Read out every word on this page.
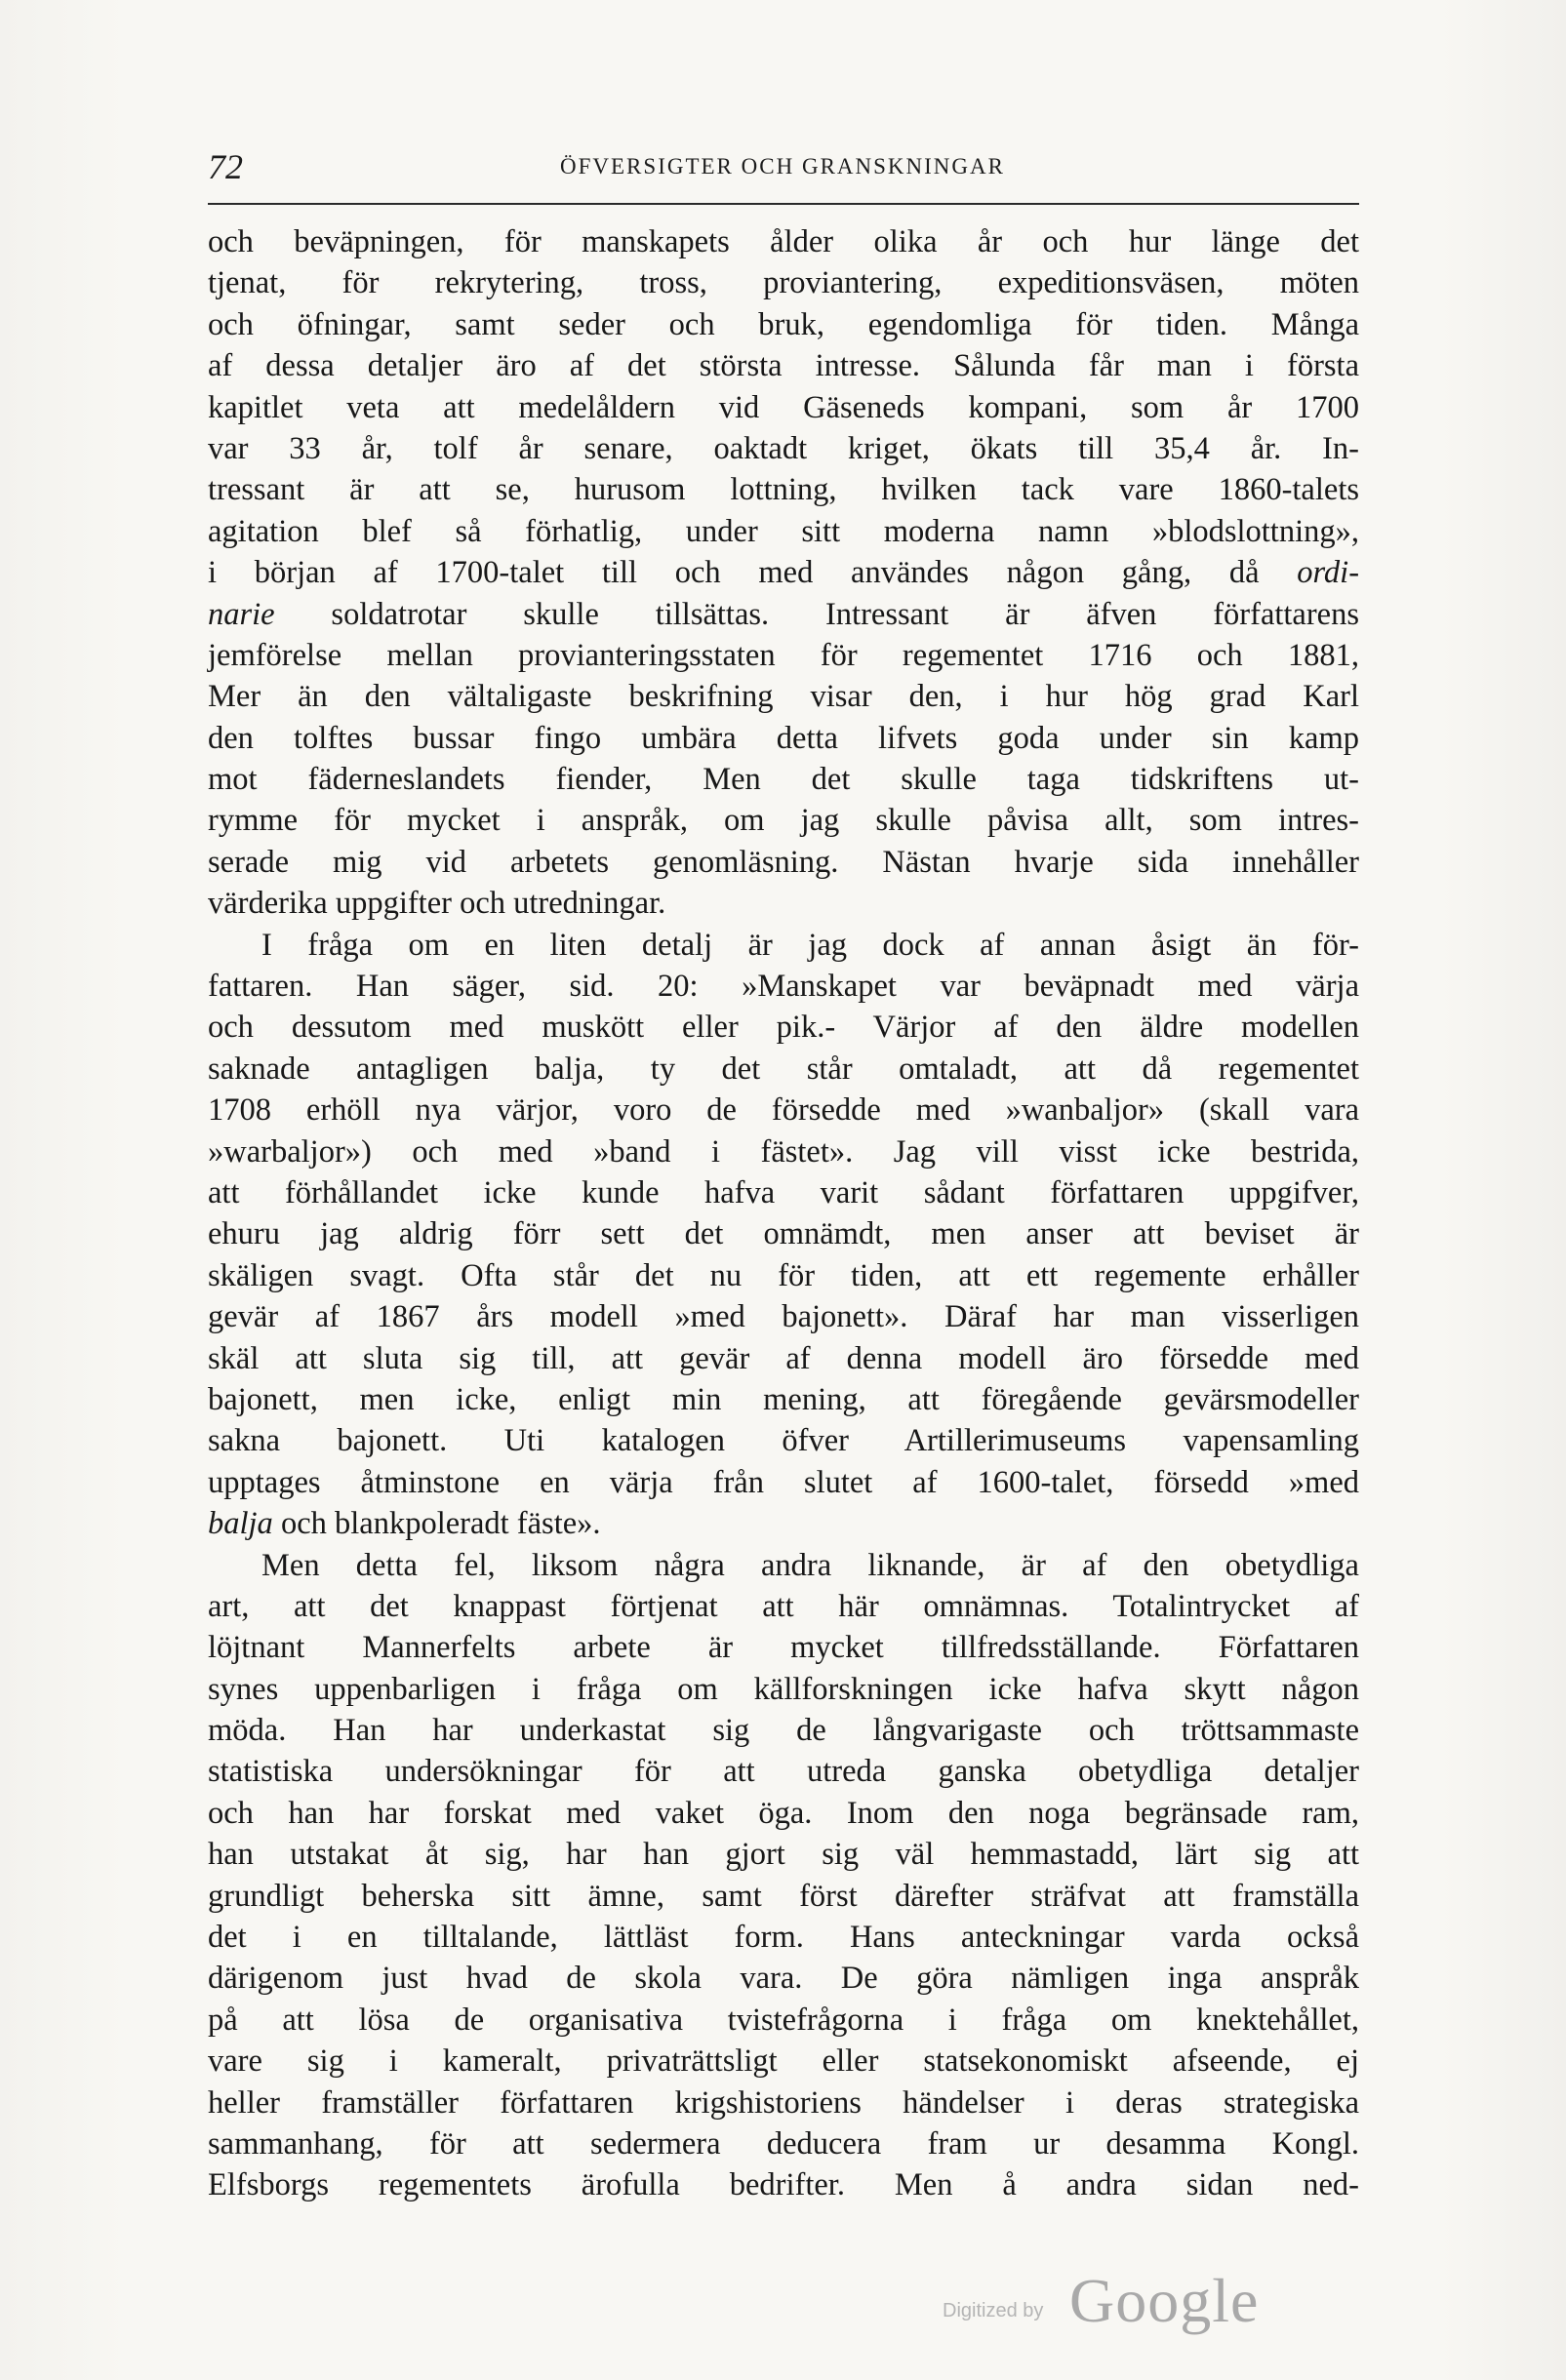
72	ÖFVERSIGTER OCH GRANSKNINGAR
och beväpningen, för manskapets ålder olika år och hur länge det
tjenat, för rekrytering, tross, proviantering, expeditionsväsen, möten
och öfningar, samt seder och bruk, egendomliga för tiden. Många
af dessa detaljer äro af det största intresse. Sålunda får man i första
kapitlet veta att medelåldern vid Gäseneds kompani, som år 1700
var 33 år, tolf år senare, oaktadt kriget, ökats till 35,4 år. In-
tressant är att se, hurusom lottning, hvilken tack vare 1860-talets
agitation blef så förhatlig, under sitt moderna namn »blodslottning»,
i början af 1700-talet till och med användes någon gång, då ordi-
narie soldatrotar skulle tillsättas. Intressant är äfven författarens
jemförelse mellan provianteringsstaten för regementet 1716 och 1881,
Mer än den vältaligaste beskrifning visar den, i hur hög grad Karl
den tolftes bussar fingo umbära detta lifvets goda under sin kamp
mot fäderneslandets fiender, Men det skulle taga tidskriftens ut-
rymme för mycket i anspråk, om jag skulle påvisa allt, som intres-
serade mig vid arbetets genomläsning. Nästan hvarje sida innehåller
värderika uppgifter och utredningar.
I fråga om en liten detalj är jag dock af annan åsigt än för-
fattaren. Han säger, sid. 20: »Manskapet var beväpnadt med värja
och dessutom med muskött eller pik.- Värjor af den äldre modellen
saknade antagligen balja, ty det står omtaladt, att då regementet
1708 erhöll nya värjor, voro de försedde med »wanbaljor» (skall vara
»warbaljor») och med »band i fästet». Jag vill visst icke bestrida,
att förhållandet icke kunde hafva varit sådant författaren uppgifver,
ehuru jag aldrig förr sett det omnämdt, men anser att beviset är
skäligen svagt. Ofta står det nu för tiden, att ett regemente erhåller
gevär af 1867 års modell »med bajonett». Däraf har man visserligen
skäl att sluta sig till, att gevär af denna modell äro försedde med
bajonett, men icke, enligt min mening, att föregående gevärsmodeller
sakna bajonett. Uti katalogen öfver Artillerimuseums vapensamling
upptages åtminstone en värja från slutet af 1600-talet, försedd »med
balja och blankpoleradt fäste».
Men detta fel, liksom några andra liknande, är af den obetydliga
art, att det knappast förtjenat att här omnämnas. Totalintrycket af
löjtnant Mannerfelts arbete är mycket tillfredsställande. Författaren
synes uppenbarligen i fråga om källforskningen icke hafva skytt någon
möda. Han har underkastat sig de långvarigaste och tröttsammaste
statistiska undersökningar för att utreda ganska obetydliga detaljer
och han har forskat med vaket öga. Inom den noga begränsade ram,
han utstakat åt sig, har han gjort sig väl hemmastadd, lärt sig att
grundligt beherska sitt ämne, samt först därefter sträfvat att framställa
det i en tilltalande, lättläst form. Hans anteckningar varda också
därigenom just hvad de skola vara. De göra nämligen inga anspråk
på att lösa de organisativa tvistefrågorna i fråga om knektehållet,
vare sig i kameralt, privaträttsligt eller statsekonomiskt afseende, ej
heller framställer författaren krigshistoriens händelser i deras strategiska
sammanhang, för att sedermera deducera fram ur desamma Kongl.
Elfsborgs regementets ärofulla bedrifter. Men å andra sidan ned-
Digitized by Google
